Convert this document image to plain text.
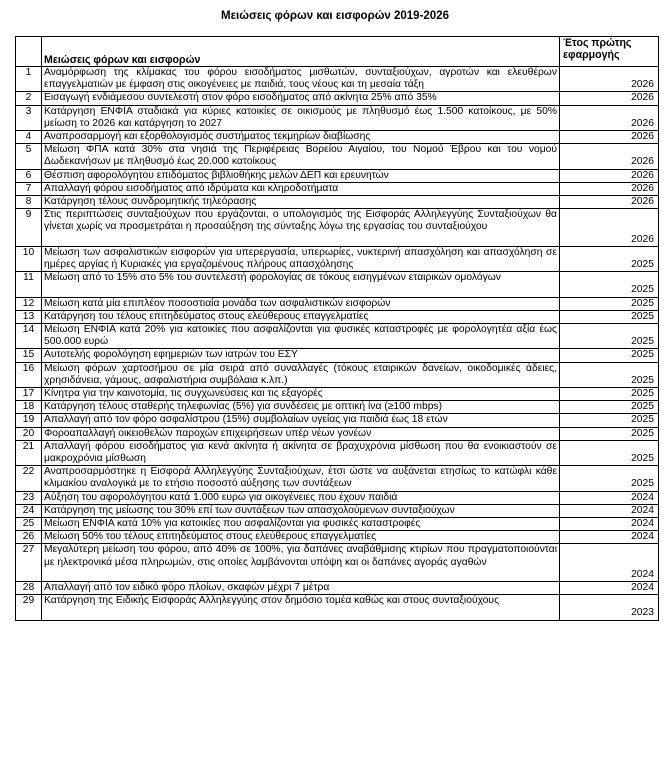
Μειώσεις φόρων και εισφορών 2019-2026
	Μειώσεις φόρων και εισφορών	Έτος πρώτης εφαρμογής
1	Αναμόρφωση της κλίμακας του φόρου εισοδήματος μισθωτών, συνταξιούχων, αγροτών και ελευθέρων επαγγελματιών με έμφαση στις οικογένειες με παιδιά, τους νέους και τη μεσαία τάξη	2026
2	Εισαγωγή ενδιάμεσου συντελεστή στον φόρο εισοδήματος από ακίνητα 25% από 35%	2026
3	Κατάργηση ΕΝΦΙΑ σταδιακά για κύριες κατοικίες σε οικισμούς με πληθυσμό έως 1.500 κατοίκους, με 50% μείωση το 2026 και κατάργηση το 2027	2026
4	Αναπροσαρμογή και εξορθολογισμός συστήματος τεκμηρίων διαβίωσης	2026
5	Μείωση ΦΠΑ κατά 30% στα νησιά της Περιφέρειας Βορείου Αιγαίου, του Νομού Έβρου και του νομού Δωδεκανήσων με πληθυσμό έως 20.000 κατοίκους	2026
6	Θέσπιση αφορολόγητου επιδόματος βιβλιοθήκης μελών ΔΕΠ και ερευνητών	2026
7	Απαλλαγή φόρου εισοδήματος από ιδρύματα και κληροδοτήματα	2026
8	Κατάργηση τέλους συνδρομητικής τηλεόρασης	2026
9	Στις περιπτώσεις συνταξιούχων που εργάζονται, ο υπολογισμός της Εισφοράς Αλληλεγγύης Συνταξιούχων θα γίνεται χωρίς να προσμετράται η προσαύξηση της σύνταξης λόγω της εργασίας του συνταξιούχου	2026
10	Μείωση των ασφαλιστικών εισφορών για υπερεργασία, υπερωρίες, νυκτερινή απασχόληση και απασχόληση σε ημέρες αργίας ή Κυριακές για εργαζομένους πλήρους απασχόλησης	2025
11	Μείωση από το 15% στο 5% του συντελεστή φορολογίας σε τόκους εισηγμένων εταιρικών ομολόγων	2025
12	Μείωση κατά μία επιπλέον ποσοστιαία μονάδα των ασφαλιστικών εισφορών	2025
13	Κατάργηση του τέλους επιτηδεύματος στους ελεύθερους επαγγελματίες	2025
14	Μείωση ΕΝΦΙΑ κατά 20% για κατοικίες που ασφαλίζονται για φυσικές καταστροφές με φορολογητέα αξία έως 500.000 ευρώ	2025
15	Αυτοτελής φορολόγηση εφημεριών των ιατρών του ΕΣΥ	2025
16	Μείωση φόρων χαρτοσήμου σε μία σειρά από συναλλαγές (τόκους εταιρικών δανείων, οικοδομικές άδειες, χρησιδάνεια, γάμους, ασφαλιστήρια συμβόλαια κ.λπ.)	2025
17	Κίνητρα για την καινοτομία, τις συγχωνεύσεις και τις εξαγορές	2025
18	Κατάργηση τέλους σταθερής τηλεφωνίας (5%) για συνδέσεις με οπτική ίνα (≥100 mbps)	2025
19	Απαλλαγή από τον φόρο ασφαλίστρου (15%) συμβολαίων υγείας για παιδιά έως 18 ετών	2025
20	Φοροαπαλλαγή οικειοθελών παροχών επιχειρήσεων υπέρ νέων γονέων	2025
21	Απαλλαγή φόρου εισοδήματος για κενά ακίνητα ή ακίνητα σε βραχυχρόνια μίσθωση που θα ενοικιαστούν σε μακροχρόνια μίσθωση	2025
22	Αναπροσαρμόστηκε η Εισφορά Αλληλεγγύης Συνταξιούχων, έτσι ώστε να αυξάνεται ετησίως το κατώφλι κάθε κλιμακίου αναλογικά με το ετήσιο ποσοστό αύξησης των συντάξεων	2025
23	Αύξηση του αφορολόγητου κατά 1.000 ευρώ για οικογένειες που έχουν παιδιά	2024
24	Κατάργηση της μείωσης του 30% επί των συντάξεων των απασχολούμενων συνταξιούχων	2024
25	Μείωση ΕΝΦΙΑ κατά 10% για κατοικίες που ασφαλίζονται για φυσικές καταστροφές	2024
26	Μείωση 50% του τέλους επιτηδεύματος στους ελεύθερους επαγγελματίες	2024
27	Μεγαλύτερη μείωση του φόρου, από 40% σε 100%, για δαπάνες αναβάθμισης κτιρίων που πραγματοποιούνται με ηλεκτρονικά μέσα πληρωμών, στις οποίες λαμβάνονται υπόψη και οι δαπάνες αγοράς αγαθών	2024
28	Απαλλαγή από τον ειδικό φόρο πλοίων, σκαφών μέχρι 7 μέτρα	2024
29	Κατάργηση της Ειδικής Εισφοράς Αλληλεγγύης στον δημόσιο τομέα καθώς και στους συνταξιούχους	2023
